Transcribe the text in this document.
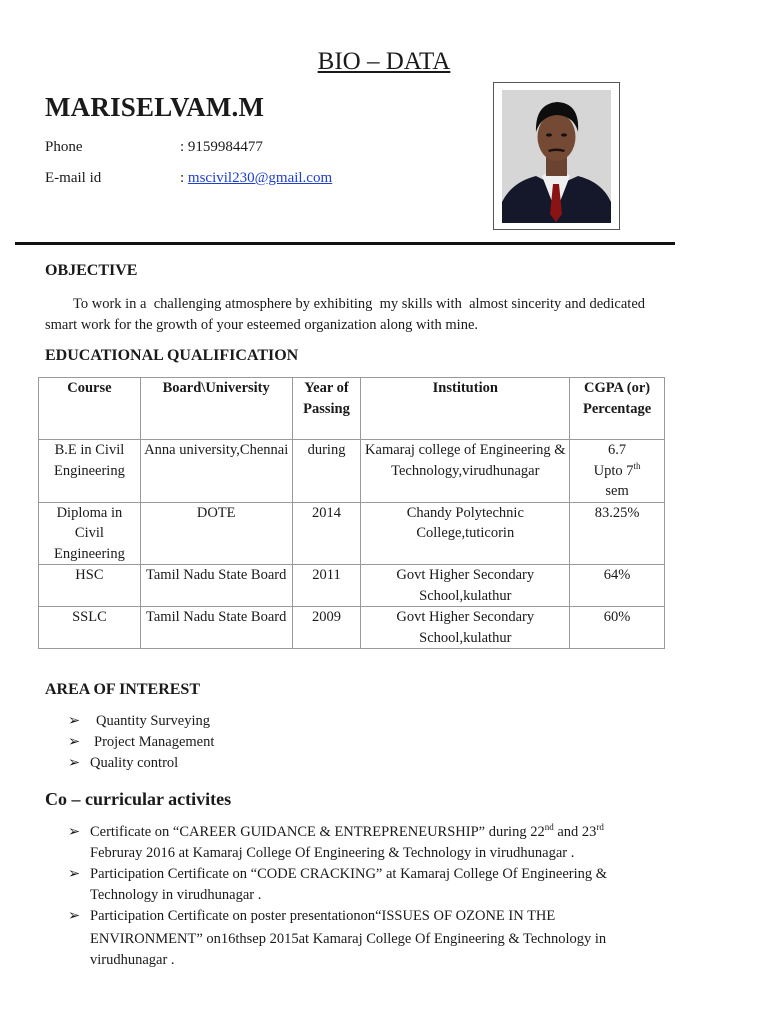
BIO – DATA
MARISELVAM.M
Phone	: 9159984477
E-mail id	: mscivil230@gmail.com
OBJECTIVE
To work in a  challenging atmosphere by exhibiting  my skills with  almost sincerity and dedicated
smart work for the growth of your esteemed organization along with mine.
EDUCATIONAL QUALIFICATION
Course	Board\University	Year of Passing	Institution	CGPA (or) Percentage
B.E in Civil Engineering	Anna university,Chennai	during	Kamaraj college of Engineering & Technology,virudhunagar	6.7
Upto 7th
sem

Diploma in Civil Engineering	DOTE	2014	Chandy Polytechnic College,tuticorin	83.25%
HSC	Tamil Nadu State Board	2011	Govt Higher Secondary School,kulathur	64%
SSLC	Tamil Nadu State Board	2009	Govt Higher Secondary School,kulathur	60%
AREA OF INTEREST
➢ Quantity Surveying
➢ Project Management
➢ Quality control
Co – curricular activites
➢ Certificate on “CAREER GUIDANCE & ENTREPRENEURSHIP” during 22nd and 23rd
Februray 2016 at Kamaraj College Of Engineering & Technology in virudhunagar .
➢ Participation Certificate on “CODE CRACKING” at Kamaraj College Of Engineering &
Technology in virudhunagar .
➢ Participation Certificate on poster presentationon“ISSUES OF OZONE IN THE
ENVIRONMENT” on16thsep 2015at Kamaraj College Of Engineering & Technology in
virudhunagar .
